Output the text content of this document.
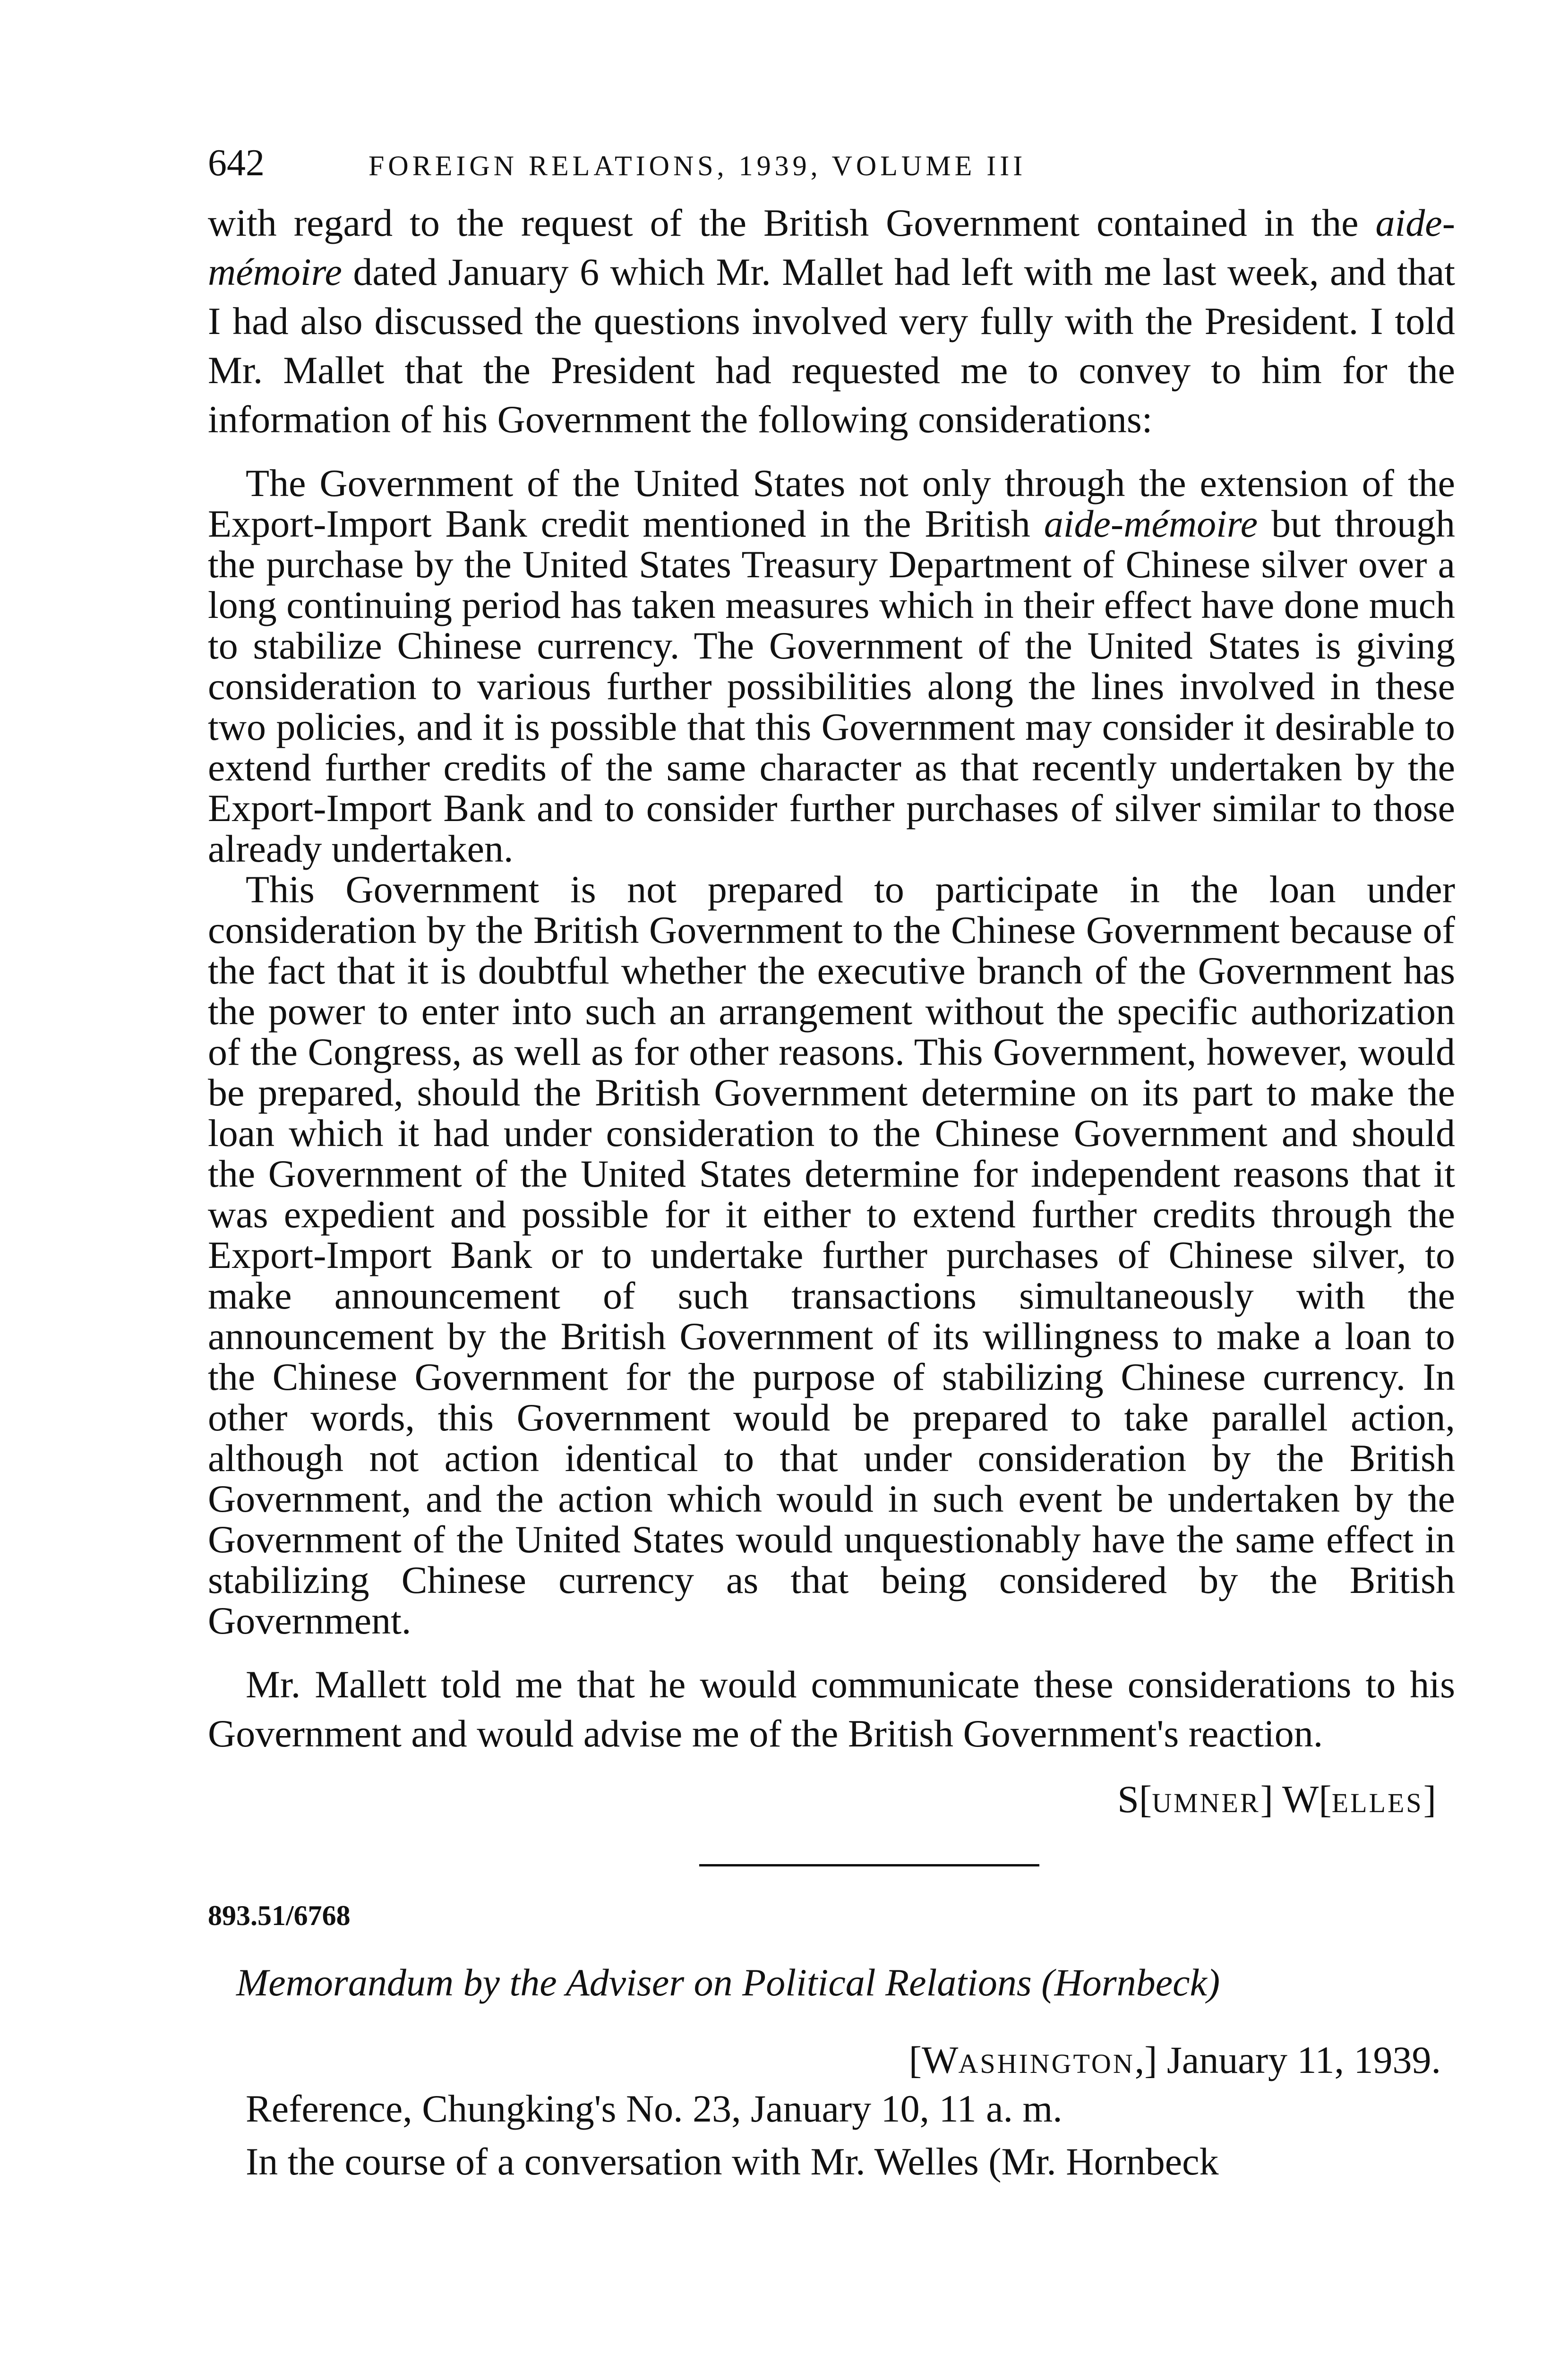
642	FOREIGN RELATIONS, 1939, VOLUME III

with regard to the request of the British Government contained in the aide-mémoire dated January 6 which Mr. Mallet had left with me last week, and that I had also discussed the questions involved very fully with the President. I told Mr. Mallet that the President had requested me to convey to him for the information of his Government the following considerations:

The Government of the United States not only through the extension of the Export-Import Bank credit mentioned in the British aide-mémoire but through the purchase by the United States Treasury Department of Chinese silver over a long continuing period has taken measures which in their effect have done much to stabilize Chinese currency. The Government of the United States is giving consideration to various further possibilities along the lines involved in these two policies, and it is possible that this Government may consider it desirable to extend further credits of the same character as that recently undertaken by the Export-Import Bank and to consider further purchases of silver similar to those already undertaken.

This Government is not prepared to participate in the loan under consideration by the British Government to the Chinese Government because of the fact that it is doubtful whether the executive branch of the Government has the power to enter into such an arrangement without the specific authorization of the Congress, as well as for other reasons. This Government, however, would be prepared, should the British Government determine on its part to make the loan which it had under consideration to the Chinese Government and should the Government of the United States determine for independent reasons that it was expedient and possible for it either to extend further credits through the Export-Import Bank or to undertake further purchases of Chinese silver, to make announcement of such transactions simultaneously with the announcement by the British Government of its willingness to make a loan to the Chinese Government for the purpose of stabilizing Chinese currency. In other words, this Government would be prepared to take parallel action, although not action identical to that under consideration by the British Government, and the action which would in such event be undertaken by the Government of the United States would unquestionably have the same effect in stabilizing Chinese currency as that being considered by the British Government.

Mr. Mallett told me that he would communicate these considerations to his Government and would advise me of the British Government's reaction.

S[UMNER] W[ELLES]
893.51/6768
Memorandum by the Adviser on Political Relations (Hornbeck)
[WASHINGTON,] January 11, 1939.

Reference, Chungking's No. 23, January 10, 11 a. m.

In the course of a conversation with Mr. Welles (Mr. Hornbeck
